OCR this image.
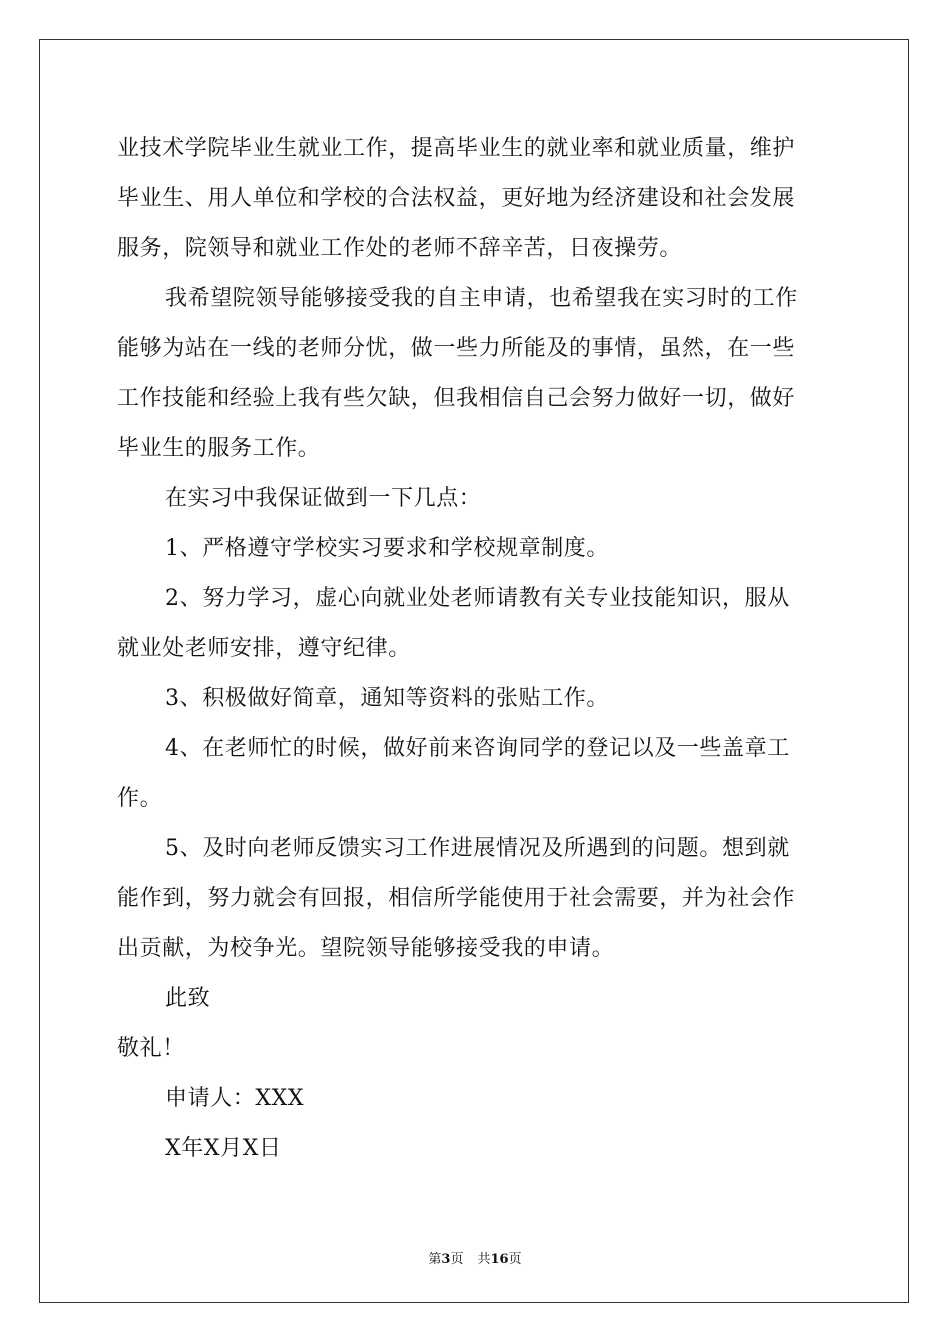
业技术学院毕业生就业工作，提高毕业生的就业率和就业质量，维护
毕业生、用人单位和学校的合法权益，更好地为经济建设和社会发展
服务，院领导和就业工作处的老师不辞辛苦，日夜操劳。

我希望院领导能够接受我的自主申请，也希望我在实习时的工作
能够为站在一线的老师分忧，做一些力所能及的事情，虽然，在一些
工作技能和经验上我有些欠缺，但我相信自己会努力做好一切，做好
毕业生的服务工作。

在实习中我保证做到一下几点：

1、严格遵守学校实习要求和学校规章制度。

2、努力学习，虚心向就业处老师请教有关专业技能知识，服从
就业处老师安排，遵守纪律。

3、积极做好简章，通知等资料的张贴工作。

4、在老师忙的时候，做好前来咨询同学的登记以及一些盖章工
作。

5、及时向老师反馈实习工作进展情况及所遇到的问题。想到就
能作到，努力就会有回报，相信所学能使用于社会需要，并为社会作
出贡献，为校争光。望院领导能够接受我的申请。

此致

敬礼！

申请人：XXX

X年X月X日

第3页 共16页
